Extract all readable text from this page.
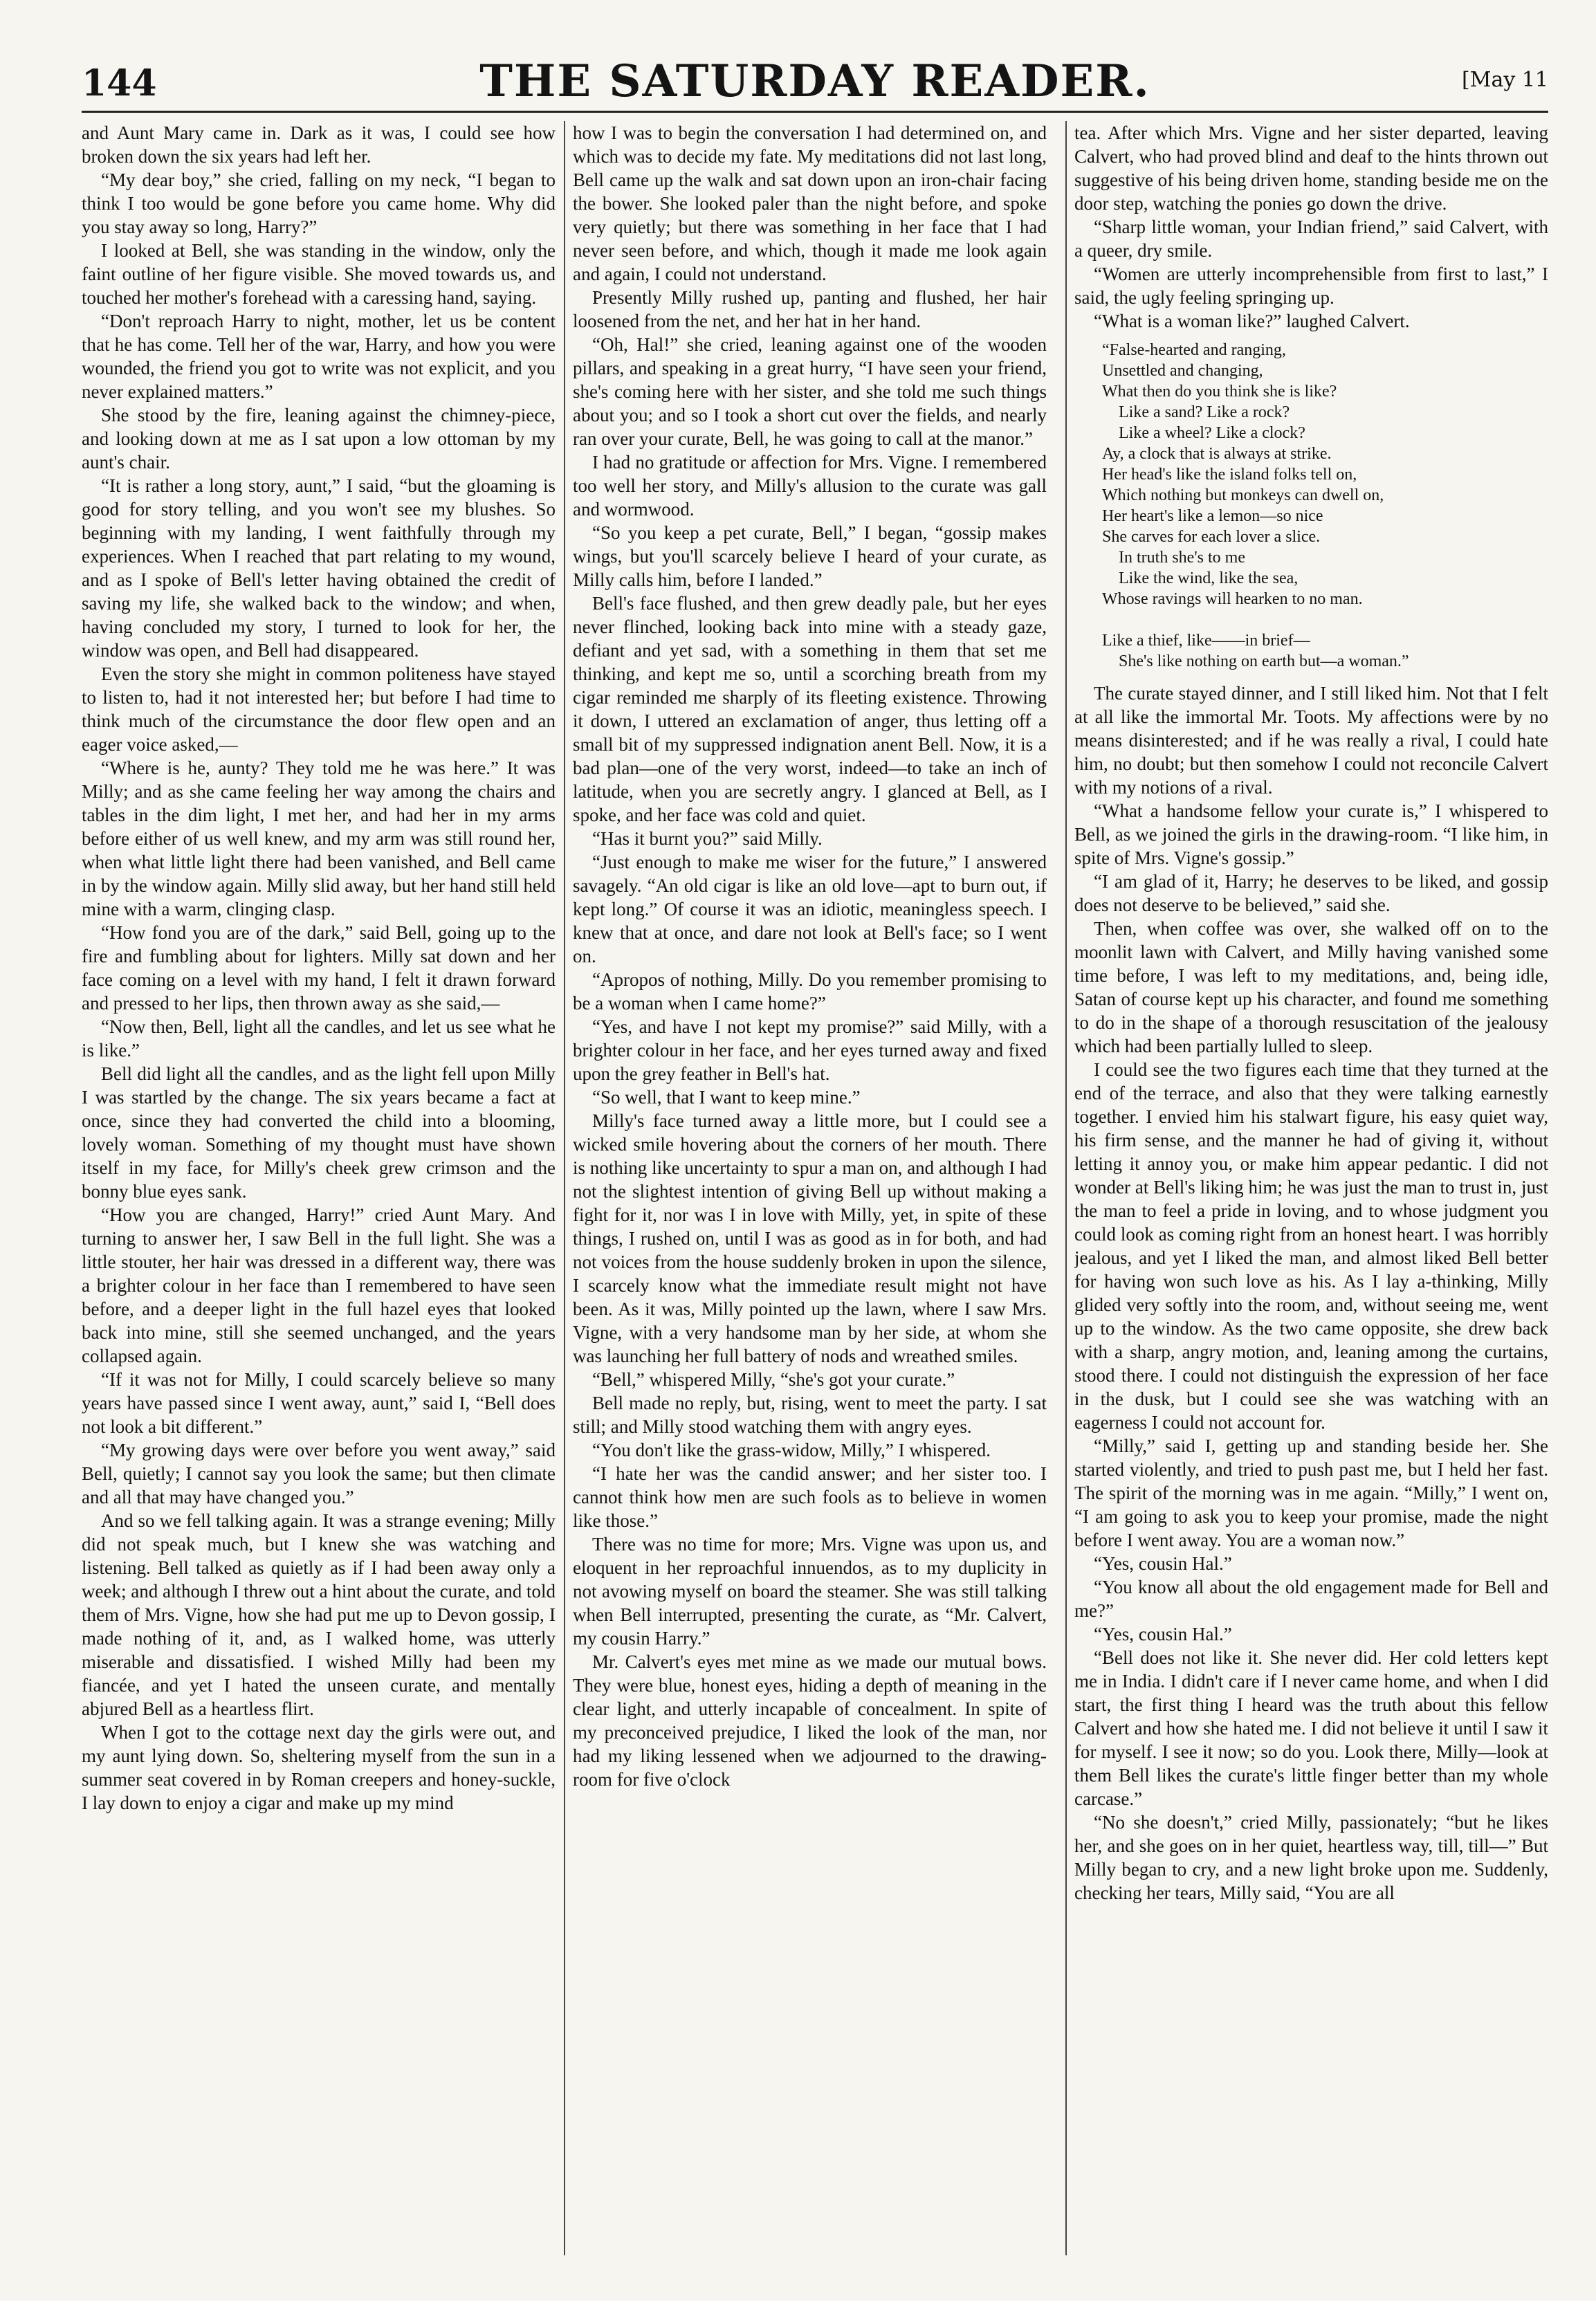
144	THE SATURDAY READER.	[May 11

and Aunt Mary came in. Dark as it was, I could see how broken down the six years had left her.

“My dear boy,” she cried, falling on my neck, “I began to think I too would be gone before you came home. Why did you stay away so long, Harry?”

I looked at Bell, she was standing in the window, only the faint outline of her figure visible. She moved towards us, and touched her mother's forehead with a caressing hand, saying.

“Don't reproach Harry to night, mother, let us be content that he has come. Tell her of the war, Harry, and how you were wounded, the friend you got to write was not explicit, and you never explained matters.”

She stood by the fire, leaning against the chimney-piece, and looking down at me as I sat upon a low ottoman by my aunt's chair.

“It is rather a long story, aunt,” I said, “but the gloaming is good for story telling, and you won't see my blushes. So beginning with my landing, I went faithfully through my experiences. When I reached that part relating to my wound, and as I spoke of Bell's letter having obtained the credit of saving my life, she walked back to the window; and when, having concluded my story, I turned to look for her, the window was open, and Bell had disappeared.

Even the story she might in common politeness have stayed to listen to, had it not interested her; but before I had time to think much of the circumstance the door flew open and an eager voice asked,—

“Where is he, aunty? They told me he was here.” It was Milly; and as she came feeling her way among the chairs and tables in the dim light, I met her, and had her in my arms before either of us well knew, and my arm was still round her, when what little light there had been vanished, and Bell came in by the window again. Milly slid away, but her hand still held mine with a warm, clinging clasp.

“How fond you are of the dark,” said Bell, going up to the fire and fumbling about for lighters. Milly sat down and her face coming on a level with my hand, I felt it drawn forward and pressed to her lips, then thrown away as she said,—

“Now then, Bell, light all the candles, and let us see what he is like.”

Bell did light all the candles, and as the light fell upon Milly I was startled by the change. The six years became a fact at once, since they had converted the child into a blooming, lovely woman. Something of my thought must have shown itself in my face, for Milly's cheek grew crimson and the bonny blue eyes sank.

“How you are changed, Harry!” cried Aunt Mary. And turning to answer her, I saw Bell in the full light. She was a little stouter, her hair was dressed in a different way, there was a brighter colour in her face than I remembered to have seen before, and a deeper light in the full hazel eyes that looked back into mine, still she seemed unchanged, and the years collapsed again.

“If it was not for Milly, I could scarcely believe so many years have passed since I went away, aunt,” said I, “Bell does not look a bit different.”

“My growing days were over before you went away,” said Bell, quietly; I cannot say you look the same; but then climate and all that may have changed you.”

And so we fell talking again. It was a strange evening; Milly did not speak much, but I knew she was watching and listening. Bell talked as quietly as if I had been away only a week; and although I threw out a hint about the curate, and told them of Mrs. Vigne, how she had put me up to Devon gossip, I made nothing of it, and, as I walked home, was utterly miserable and dissatisfied. I wished Milly had been my fiancée, and yet I hated the unseen curate, and mentally abjured Bell as a heartless flirt.

When I got to the cottage next day the girls were out, and my aunt lying down. So, sheltering myself from the sun in a summer seat covered in by Roman creepers and honey-suckle, I lay down to enjoy a cigar and make up my mind

how I was to begin the conversation I had determined on, and which was to decide my fate. My meditations did not last long, Bell came up the walk and sat down upon an iron-chair facing the bower. She looked paler than the night before, and spoke very quietly; but there was something in her face that I had never seen before, and which, though it made me look again and again, I could not understand.

Presently Milly rushed up, panting and flushed, her hair loosened from the net, and her hat in her hand.

“Oh, Hal!” she cried, leaning against one of the wooden pillars, and speaking in a great hurry, “I have seen your friend, she's coming here with her sister, and she told me such things about you; and so I took a short cut over the fields, and nearly ran over your curate, Bell, he was going to call at the manor.”

I had no gratitude or affection for Mrs. Vigne. I remembered too well her story, and Milly's allusion to the curate was gall and wormwood.

“So you keep a pet curate, Bell,” I began, “gossip makes wings, but you'll scarcely believe I heard of your curate, as Milly calls him, before I landed.”

Bell's face flushed, and then grew deadly pale, but her eyes never flinched, looking back into mine with a steady gaze, defiant and yet sad, with a something in them that set me thinking, and kept me so, until a scorching breath from my cigar reminded me sharply of its fleeting existence. Throwing it down, I uttered an exclamation of anger, thus letting off a small bit of my suppressed indignation anent Bell. Now, it is a bad plan—one of the very worst, indeed—to take an inch of latitude, when you are secretly angry. I glanced at Bell, as I spoke, and her face was cold and quiet.

“Has it burnt you?” said Milly.

“Just enough to make me wiser for the future,” I answered savagely. “An old cigar is like an old love—apt to burn out, if kept long.” Of course it was an idiotic, meaningless speech. I knew that at once, and dare not look at Bell's face; so I went on.

“Apropos of nothing, Milly. Do you remember promising to be a woman when I came home?”

“Yes, and have I not kept my promise?” said Milly, with a brighter colour in her face, and her eyes turned away and fixed upon the grey feather in Bell's hat.

“So well, that I want to keep mine.”

Milly's face turned away a little more, but I could see a wicked smile hovering about the corners of her mouth. There is nothing like uncertainty to spur a man on, and although I had not the slightest intention of giving Bell up without making a fight for it, nor was I in love with Milly, yet, in spite of these things, I rushed on, until I was as good as in for both, and had not voices from the house suddenly broken in upon the silence, I scarcely know what the immediate result might not have been. As it was, Milly pointed up the lawn, where I saw Mrs. Vigne, with a very handsome man by her side, at whom she was launching her full battery of nods and wreathed smiles.

“Bell,” whispered Milly, “she's got your curate.”

Bell made no reply, but, rising, went to meet the party. I sat still; and Milly stood watching them with angry eyes.

“You don't like the grass-widow, Milly,” I whispered.

“I hate her was the candid answer; and her sister too. I cannot think how men are such fools as to believe in women like those.”

There was no time for more; Mrs. Vigne was upon us, and eloquent in her reproachful innuendos, as to my duplicity in not avowing myself on board the steamer. She was still talking when Bell interrupted, presenting the curate, as “Mr. Calvert, my cousin Harry.”

Mr. Calvert's eyes met mine as we made our mutual bows. They were blue, honest eyes, hiding a depth of meaning in the clear light, and utterly incapable of concealment. In spite of my preconceived prejudice, I liked the look of the man, nor had my liking lessened when we adjourned to the drawing-room for five o'clock

tea. After which Mrs. Vigne and her sister departed, leaving Calvert, who had proved blind and deaf to the hints thrown out suggestive of his being driven home, standing beside me on the door step, watching the ponies go down the drive.

“Sharp little woman, your Indian friend,” said Calvert, with a queer, dry smile.

“Women are utterly incomprehensible from first to last,” I said, the ugly feeling springing up.

“What is a woman like?” laughed Calvert.

“False-hearted and ranging,
Unsettled and changing,
What then do you think she is like?
Like a sand? Like a rock?
Like a wheel? Like a clock?
Ay, a clock that is always at strike.
Her head's like the island folks tell on,
Which nothing but monkeys can dwell on,
Her heart's like a lemon—so nice
She carves for each lover a slice.
In truth she's to me
Like the wind, like the sea,
Whose ravings will hearken to no man.

Like a thief, like——in brief—
She's like nothing on earth but—a woman.”

The curate stayed dinner, and I still liked him. Not that I felt at all like the immortal Mr. Toots. My affections were by no means disinterested; and if he was really a rival, I could hate him, no doubt; but then somehow I could not reconcile Calvert with my notions of a rival.

“What a handsome fellow your curate is,” I whispered to Bell, as we joined the girls in the drawing-room. “I like him, in spite of Mrs. Vigne's gossip.”

“I am glad of it, Harry; he deserves to be liked, and gossip does not deserve to be believed,” said she.

Then, when coffee was over, she walked off on to the moonlit lawn with Calvert, and Milly having vanished some time before, I was left to my meditations, and, being idle, Satan of course kept up his character, and found me something to do in the shape of a thorough resuscitation of the jealousy which had been partially lulled to sleep.

I could see the two figures each time that they turned at the end of the terrace, and also that they were talking earnestly together. I envied him his stalwart figure, his easy quiet way, his firm sense, and the manner he had of giving it, without letting it annoy you, or make him appear pedantic. I did not wonder at Bell's liking him; he was just the man to trust in, just the man to feel a pride in loving, and to whose judgment you could look as coming right from an honest heart. I was horribly jealous, and yet I liked the man, and almost liked Bell better for having won such love as his. As I lay a-thinking, Milly glided very softly into the room, and, without seeing me, went up to the window. As the two came opposite, she drew back with a sharp, angry motion, and, leaning among the curtains, stood there. I could not distinguish the expression of her face in the dusk, but I could see she was watching with an eagerness I could not account for.

“Milly,” said I, getting up and standing beside her. She started violently, and tried to push past me, but I held her fast. The spirit of the morning was in me again. “Milly,” I went on, “I am going to ask you to keep your promise, made the night before I went away. You are a woman now.”

“Yes, cousin Hal.”

“You know all about the old engagement made for Bell and me?”

“Yes, cousin Hal.”

“Bell does not like it. She never did. Her cold letters kept me in India. I didn't care if I never came home, and when I did start, the first thing I heard was the truth about this fellow Calvert and how she hated me. I did not believe it until I saw it for myself. I see it now; so do you. Look there, Milly—look at them Bell likes the curate's little finger better than my whole carcase.”

“No she doesn't,” cried Milly, passionately; “but he likes her, and she goes on in her quiet, heartless way, till, till—” But Milly began to cry, and a new light broke upon me. Suddenly, checking her tears, Milly said, “You are all
